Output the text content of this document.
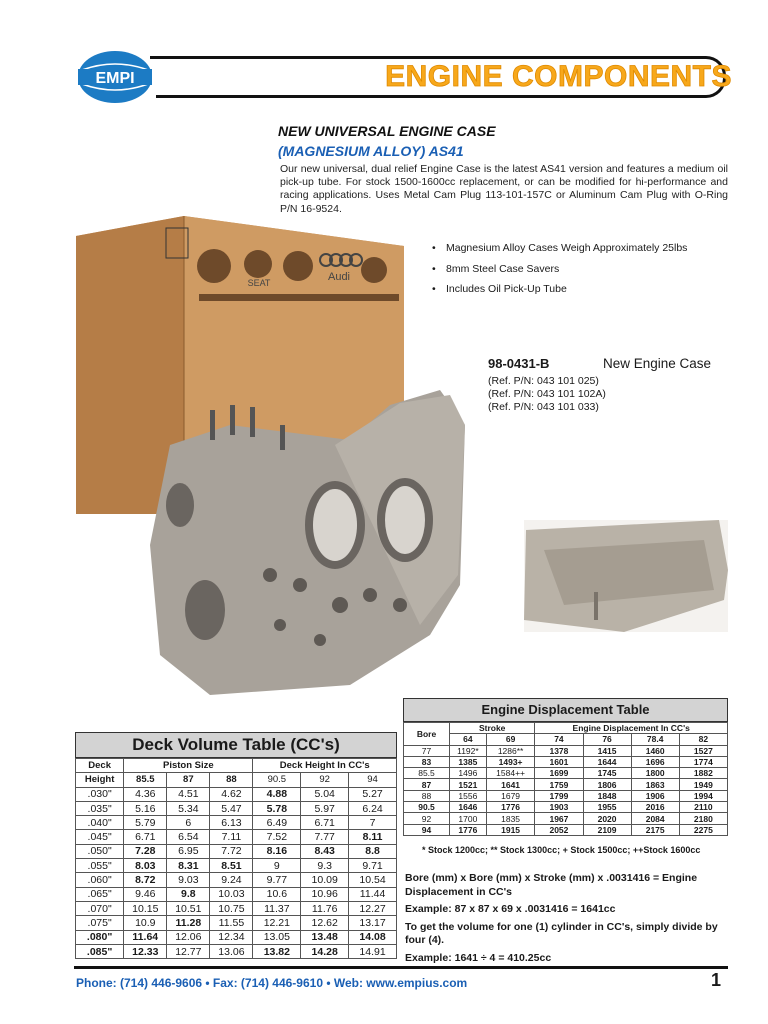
EMPI	ENGINE COMPONENTS
NEW UNIVERSAL ENGINE CASE
(MAGNESIUM ALLOY) AS41
Our new universal, dual relief Engine Case is the latest AS41 version and features a medium oil pick-up tube. For stock 1500-1600cc replacement, or can be modified for hi-performance and racing applications. Uses Metal Cam Plug 113-101-157C or Aluminum Cam Plug with O-Ring P/N 16-9524.
• Magnesium Alloy Cases Weigh Approximately 25lbs
• 8mm Steel Case Savers
• Includes Oil Pick-Up Tube
98-0431-B	New Engine Case
(Ref. P/N: 043 101 025)
(Ref. P/N: 043 101 102A)
(Ref. P/N: 043 101 033)
SEAT	Audi
Deck Volume Table (CC's)
Deck	Piston Size			Deck Height In CC's		
Height	85.5	87	88	90.5	92	94
.030"	4.36	4.51	4.62	4.88	5.04	5.27
.035"	5.16	5.34	5.47	5.78	5.97	6.24
.040"	5.79	6	6.13	6.49	6.71	7
.045"	6.71	6.54	7.11	7.52	7.77	8.11
.050"	7.28	6.95	7.72	8.16	8.43	8.8
.055"	8.03	8.31	8.51	9	9.3	9.71
.060"	8.72	9.03	9.24	9.77	10.09	10.54
.065"	9.46	9.8	10.03	10.6	10.96	11.44
.070"	10.15	10.51	10.75	11.37	11.76	12.27
.075"	10.9	11.28	11.55	12.21	12.62	13.17
.080"	11.64	12.06	12.34	13.05	13.48	14.08
.085"	12.33	12.77	13.06	13.82	14.28	14.91
Engine Displacement Table
Bore	Stroke		Engine Displacement In CC's			
	64	69	74	76	78.4	82
77	1192*	1286**	1378	1415	1460	1527
83	1385	1493+	1601	1644	1696	1774
85.5	1496	1584++	1699	1745	1800	1882
87	1521	1641	1759	1806	1863	1949
88	1556	1679	1799	1848	1906	1994
90.5	1646	1776	1903	1955	2016	2110
92	1700	1835	1967	2020	2084	2180
94	1776	1915	2052	2109	2175	2275
* Stock 1200cc; ** Stock 1300cc; + Stock 1500cc; ++Stock 1600cc

Bore (mm) x Bore (mm) x Stroke (mm) x .0031416 = Engine Displacement in CC's

Example: 87 x 87 x 69 x .0031416 = 1641cc

To get the volume for one (1) cylinder in CC's, simply divide by four (4).

Example: 1641 ÷ 4 = 410.25cc

Phone: (714) 446-9606 • Fax: (714) 446-9610 • Web: www.empius.com	1
